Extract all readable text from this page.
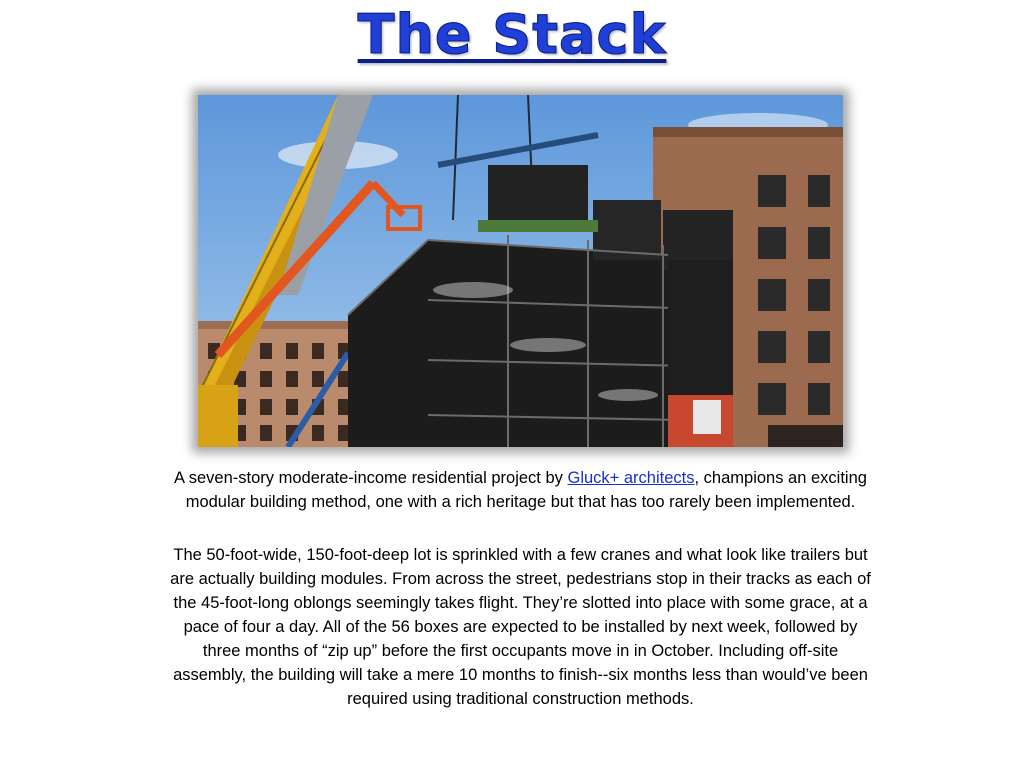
The Stack
A seven-story moderate-income residential project by Gluck+ architects, champions an exciting modular building method, one with a rich heritage but that has too rarely been implemented.
The 50-foot-wide, 150-foot-deep lot is sprinkled with a few cranes and what look like trailers but are actually building modules. From across the street, pedestrians stop in their tracks as each of the 45-foot-long oblongs seemingly takes flight. They’re slotted into place with some grace, at a pace of four a day. All of the 56 boxes are expected to be installed by next week, followed by three months of “zip up” before the first occupants move in in October. Including off-site assembly, the building will take a mere 10 months to finish--six months less than would’ve been required using traditional construction methods.
